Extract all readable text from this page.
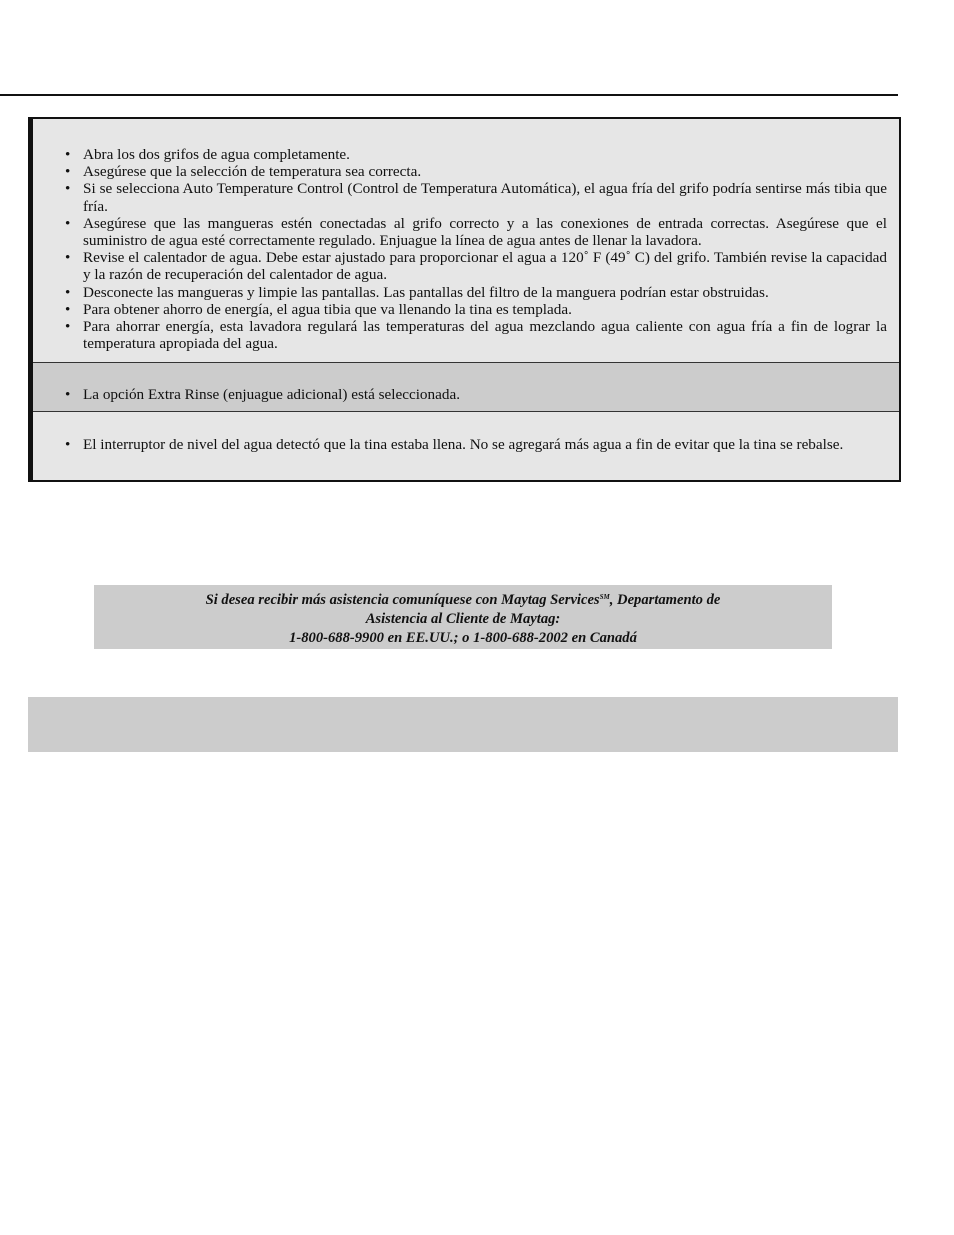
• Abra los dos grifos de agua completamente.
• Asegúrese que la selección de temperatura sea correcta.
• Si se selecciona Auto Temperature Control (Control de Temperatura Automática), el agua fría del grifo podría sentirse más tibia que fría.
• Asegúrese que las mangueras estén conectadas al grifo correcto y a las conexiones de entrada correctas. Asegúrese que el suministro de agua esté correctamente regulado. Enjuague la línea de agua antes de llenar la lavadora.
• Revise el calentador de agua. Debe estar ajustado para proporcionar el agua a 120˚ F (49˚ C) del grifo. También revise la capacidad y la razón de recuperación del calentador de agua.
• Desconecte las mangueras y limpie las pantallas. Las pantallas del filtro de la manguera podrían estar obstruidas.
• Para obtener ahorro de energía, el agua tibia que va llenando la tina es templada.
• Para ahorrar energía, esta lavadora regulará las temperaturas del agua mezclando agua caliente con agua fría a fin de lograr la temperatura apropiada del agua.
• La opción Extra Rinse (enjuague adicional) está seleccionada.
• El interruptor de nivel del agua detectó que la tina estaba llena. No se agregará más agua a fin de evitar que la tina se rebalse.
Si desea recibir más asistencia comuníquese con Maytag Services℠, Departamento de
Asistencia al Cliente de Maytag:
1-800-688-9900 en EE.UU.; o 1-800-688-2002 en Canadá
